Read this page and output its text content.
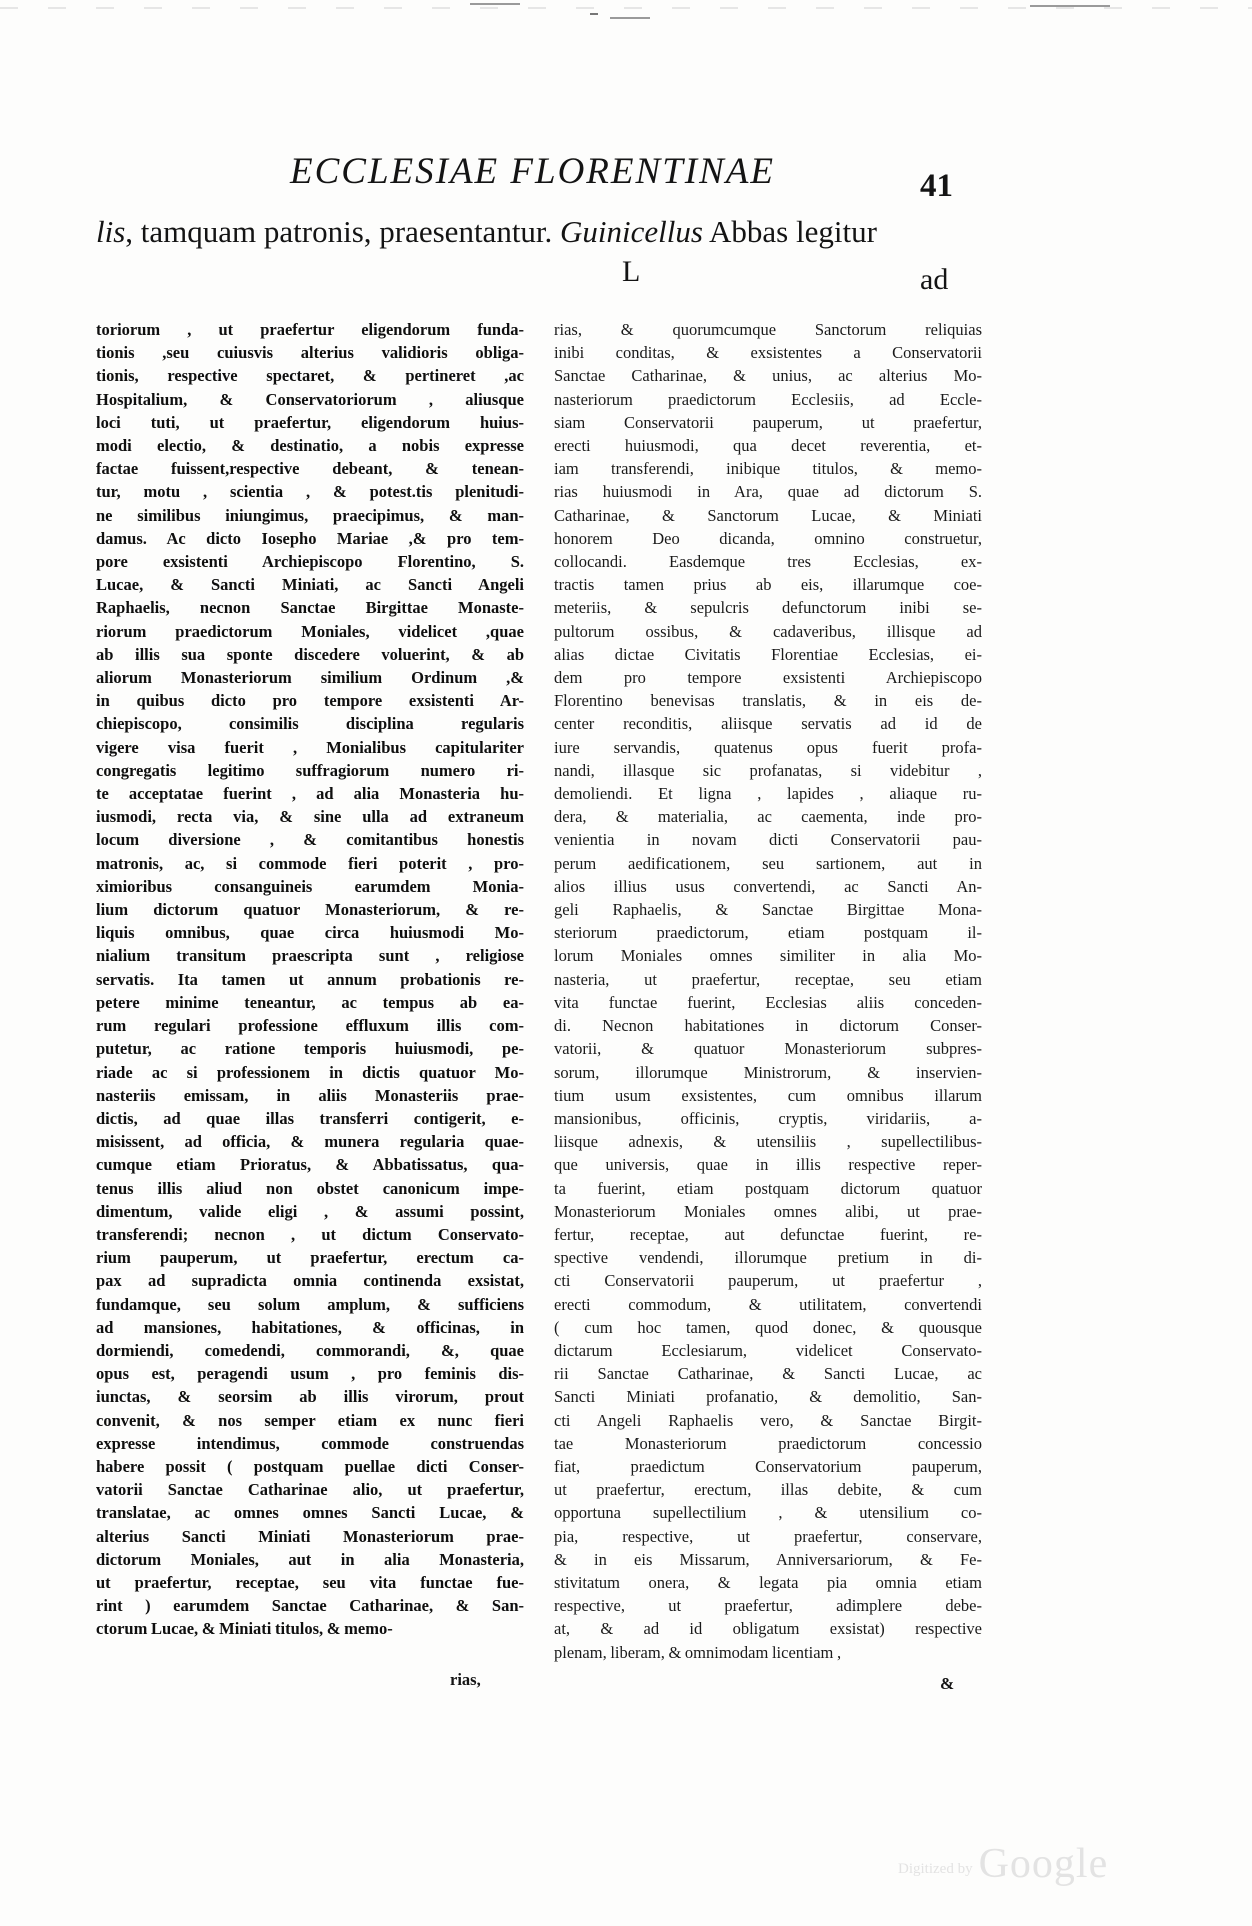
ECCLESIAE FLORENTINAE	41
lis, tamquam patronis, praesentantur. Guinicellus Abbas legitur
L	ad
toriorum , ut praefertur eligendorum funda-
tionis ,seu cuiusvis alterius validioris obliga-
tionis, respective spectaret, & pertineret ,ac
Hospitalium, & Conservatoriorum , aliusque
loci tuti, ut praefertur, eligendorum huius-
modi electio, & destinatio, a nobis expresse
factae fuissent,respective debeant, & tenean-
tur, motu , scientia , & potest.tis plenitudi-
ne similibus iniungimus, praecipimus, & man-
damus. Ac dicto Iosepho Mariae ,& pro tem-
pore exsistenti Archiepiscopo Florentino, S.
Lucae, & Sancti Miniati, ac Sancti Angeli
Raphaelis, necnon Sanctae Birgittae Monaste-
riorum praedictorum Moniales, videlicet ,quae
ab illis sua sponte discedere voluerint, & ab
aliorum Monasteriorum similium Ordinum ,&
in quibus dicto pro tempore exsistenti Ar-
chiepiscopo, consimilis disciplina regularis
vigere visa fuerit , Monialibus capitulariter
congregatis legitimo suffragiorum numero ri-
te acceptatae fuerint , ad alia Monasteria hu-
iusmodi, recta via, & sine ulla ad extraneum
locum diversione , & comitantibus honestis
matronis, ac, si commode fieri poterit , pro-
ximioribus consanguineis earumdem Monia-
lium dictorum quatuor Monasteriorum, & re-
liquis omnibus, quae circa huiusmodi Mo-
nialium transitum praescripta sunt , religiose
servatis. Ita tamen ut annum probationis re-
petere minime teneantur, ac tempus ab ea-
rum regulari professione effluxum illis com-
putetur, ac ratione temporis huiusmodi, pe-
riade ac si professionem in dictis quatuor Mo-
nasteriis emissam, in aliis Monasteriis prae-
dictis, ad quae illas transferri contigerit, e-
misissent, ad officia, & munera regularia quae-
cumque etiam Prioratus, & Abbatissatus, qua-
tenus illis aliud non obstet canonicum impe-
dimentum, valide eligi , & assumi possint,
transferendi; necnon , ut dictum Conservato-
rium pauperum, ut praefertur, erectum ca-
pax ad supradicta omnia continenda exsistat,
fundamque, seu solum amplum, & sufficiens
ad mansiones, habitationes, & officinas, in
dormiendi, comedendi, commorandi, &, quae
opus est, peragendi usum , pro feminis dis-
iunctas, & seorsim ab illis virorum, prout
convenit, & nos semper etiam ex nunc fieri
expresse intendimus, commode construendas
habere possit ( postquam puellae dicti Conser-
vatorii Sanctae Catharinae alio, ut praefertur,
translatae, ac omnes omnes Sancti Lucae, &
alterius Sancti Miniati Monasteriorum prae-
dictorum Moniales, aut in alia Monasteria,
ut praefertur, receptae, seu vita functae fue-
rint ) earumdem Sanctae Catharinae, & San-
ctorum Lucae, & Miniati titulos, & memo-
rias, & quorumcumque Sanctorum reliquias
inibi conditas, & exsistentes a Conservatorii
Sanctae Catharinae, & unius, ac alterius Mo-
nasteriorum praedictorum Ecclesiis, ad Eccle-
siam Conservatorii pauperum, ut praefertur,
erecti huiusmodi, qua decet reverentia, et-
iam transferendi, inibique titulos, & memo-
rias huiusmodi in Ara, quae ad dictorum S.
Catharinae, & Sanctorum Lucae, & Miniati
honorem Deo dicanda, omnino construetur,
collocandi. Easdemque tres Ecclesias, ex-
tractis tamen prius ab eis, illarumque coe-
meteriis, & sepulcris defunctorum inibi se-
pultorum ossibus, & cadaveribus, illisque ad
alias dictae Civitatis Florentiae Ecclesias, ei-
dem pro tempore exsistenti Archiepiscopo
Florentino benevisas translatis, & in eis de-
center reconditis, aliisque servatis ad id de
iure servandis, quatenus opus fuerit profa-
nandi, illasque sic profanatas, si videbitur ,
demoliendi. Et ligna , lapides , aliaque ru-
dera, & materialia, ac caementa, inde pro-
venientia in novam dicti Conservatorii pau-
perum aedificationem, seu sartionem, aut in
alios illius usus convertendi, ac Sancti An-
geli Raphaelis, & Sanctae Birgittae Mona-
steriorum praedictorum, etiam postquam il-
lorum Moniales omnes similiter in alia Mo-
nasteria, ut praefertur, receptae, seu etiam
vita functae fuerint, Ecclesias aliis conceden-
di. Necnon habitationes in dictorum Conser-
vatorii, & quatuor Monasteriorum subpres-
sorum, illorumque Ministrorum, & inservien-
tium usum exsistentes, cum omnibus illarum
mansionibus, officinis, cryptis, viridariis, a-
liisque adnexis, & utensiliis , supellectilibus-
que universis, quae in illis respective reper-
ta fuerint, etiam postquam dictorum quatuor
Monasteriorum Moniales omnes alibi, ut prae-
fertur, receptae, aut defunctae fuerint, re-
spective vendendi, illorumque pretium in di-
cti Conservatorii pauperum, ut praefertur ,
erecti commodum, & utilitatem, convertendi
( cum hoc tamen, quod donec, & quousque
dictarum Ecclesiarum, videlicet Conservato-
rii Sanctae Catharinae, & Sancti Lucae, ac
Sancti Miniati profanatio, & demolitio, San-
cti Angeli Raphaelis vero, & Sanctae Birgit-
tae Monasteriorum praedictorum concessio
fiat, praedictum Conservatorium pauperum,
ut praefertur, erectum, illas debite, & cum
opportuna supellectilium , & utensilium co-
pia, respective, ut praefertur, conservare,
& in eis Missarum, Anniversariorum, & Fe-
stivitatum onera, & legata pia omnia etiam
respective, ut praefertur, adimplere debe-
at, & ad id obligatum exsistat) respective
plenam, liberam, & omnimodam licentiam ,
rias,	&
Digitized by Google
